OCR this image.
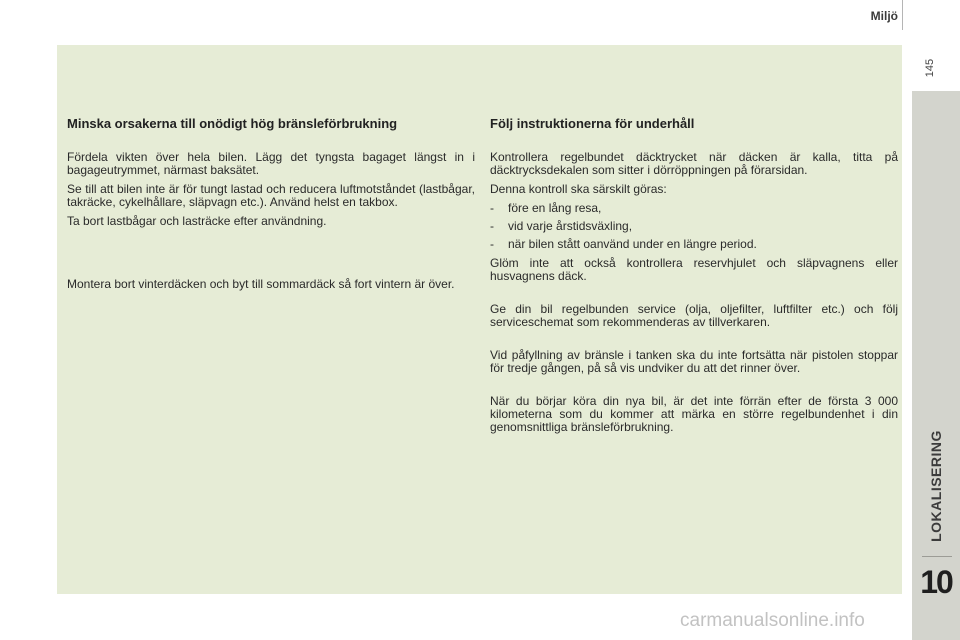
Miljö
145
LOKALISERING
10
Minska orsakerna till onödigt hög bränsleförbrukning

Fördela vikten över hela bilen. Lägg det tyngsta bagaget längst in i bagageutrymmet, närmast baksätet.

Se till att bilen inte är för tungt lastad och reducera luftmotståndet (lastbågar, takräcke, cykelhållare, släpvagn etc.). Använd helst en takbox.

Ta bort lastbågar och lasträcke efter användning.

Montera bort vinterdäcken och byt till sommardäck så fort vintern är över.

Följ instruktionerna för underhåll

Kontrollera regelbundet däcktrycket när däcken är kalla, titta på däcktrycksdekalen som sitter i dörröppningen på förarsidan.

Denna kontroll ska särskilt göras:

- före en lång resa,
- vid varje årstidsväxling,
- när bilen stått oanvänd under en längre period.

Glöm inte att också kontrollera reservhjulet och släpvagnens eller husvagnens däck.

Ge din bil regelbunden service (olja, oljefilter, luftfilter etc.) och följ serviceschemat som rekommenderas av tillverkaren.

Vid påfyllning av bränsle i tanken ska du inte fortsätta när pistolen stoppar för tredje gången, på så vis undviker du att det rinner över.

När du börjar köra din nya bil, är det inte förrän efter de första 3 000 kilometerna som du kommer att märka en större regelbundenhet i din genomsnittliga bränsleförbrukning.

carmanualsonline.info
